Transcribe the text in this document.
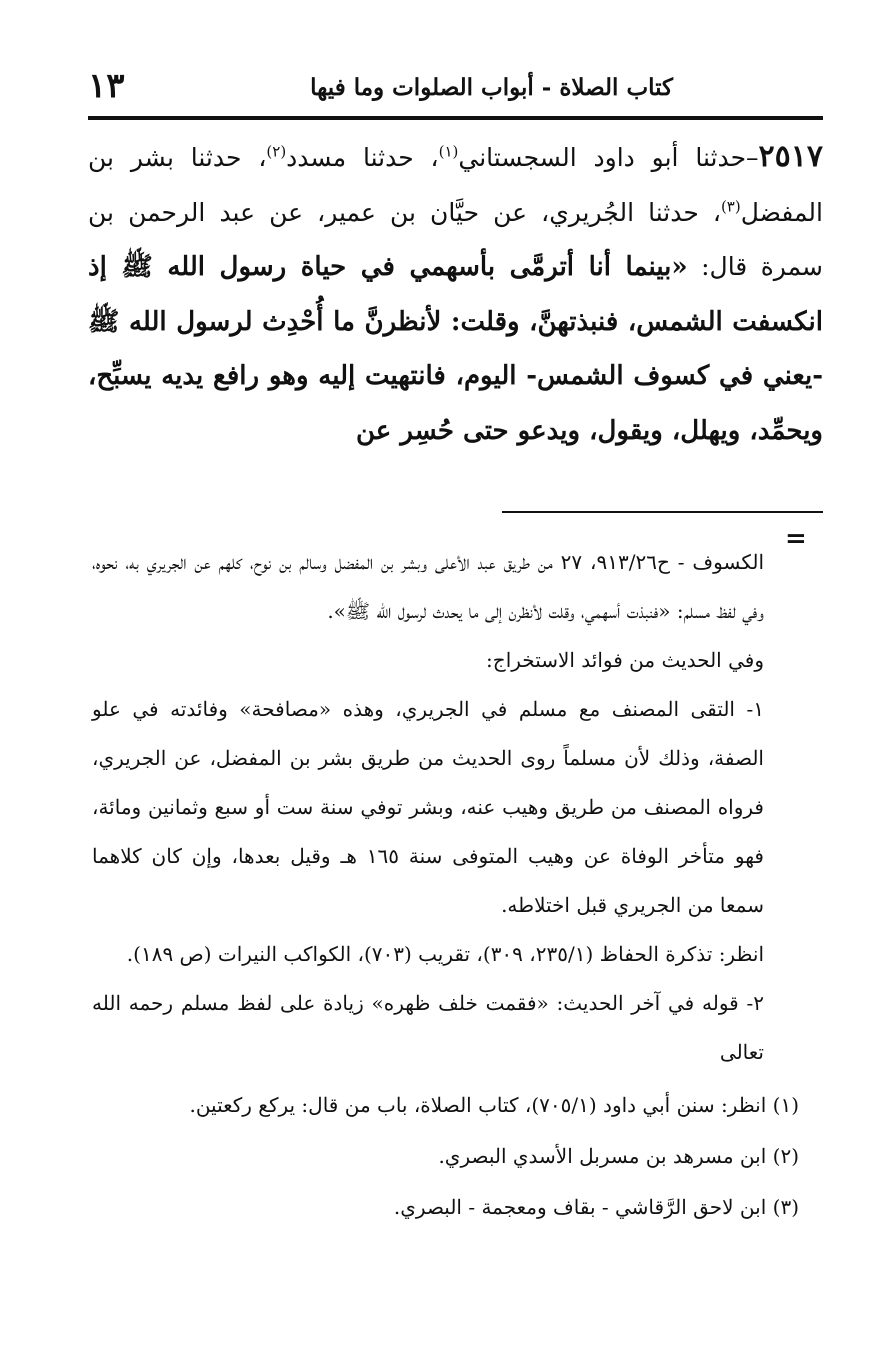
كتاب الصلاة - أبواب الصلوات وما فيها
١٣
٢٥١٧–حدثنا أبو داود السجستاني$^{(١)}$، حدثنا مسدد$^{(٢)}$، حدثنا بشر بن المفضل$^{(٣)}$، حدثنا الجُريري، عن حيَّان بن عمير، عن عبد الرحمن بن سمرة قال: «بينما أنا أترمَّى بأسهمي في حياة رسول الله ﷺ إذ انكسفت الشمس، فنبذتهنَّ، وقلت: لأنظرنَّ ما أُحْدِث لرسول الله ﷺ -يعني في كسوف الشمس- اليوم، فانتهيت إليه وهو رافع يديه يسبِّح، ويحمِّد، ويهلل، ويقول، ويدعو حتى حُسِر عن
=

الكسوف - ح٩١٣/٢٦، ٢٧ من طريق عبد الأعلى وبشر بن المفضل وسالم بن نوح، كلهم عن الجريري به، نحوه، وفي لفظ مسلم: «فنبذت أسهمي، وقلت لأنظرن إلى ما يحدث لرسول الله ﷺ».

وفي الحديث من فوائد الاستخراج:

١- التقى المصنف مع مسلم في الجريري، وهذه «مصافحة» وفائدته في علو الصفة، وذلك لأن مسلماً روى الحديث من طريق بشر بن المفضل، عن الجريري، فرواه المصنف من طريق وهيب عنه، وبشر توفي سنة ست أو سبع وثمانين ومائة، فهو متأخر الوفاة عن وهيب المتوفى سنة ١٦٥ هـ وقيل بعدها، وإن كان كلاهما سمعا من الجريري قبل اختلاطه.

انظر: تذكرة الحفاظ (٢٣٥/١، ٣٠٩)، تقريب (٧٠٣)، الكواكب النيرات (ص ١٨٩).

٢- قوله في آخر الحديث: «فقمت خلف ظهره» زيادة على لفظ مسلم رحمه الله تعالى

(١) انظر: سنن أبي داود (٧٠٥/١)، كتاب الصلاة، باب من قال: يركع ركعتين.

(٢) ابن مسرهد بن مسربل الأسدي البصري.

(٣) ابن لاحق الرَّقاشي - بقاف ومعجمة - البصري.
